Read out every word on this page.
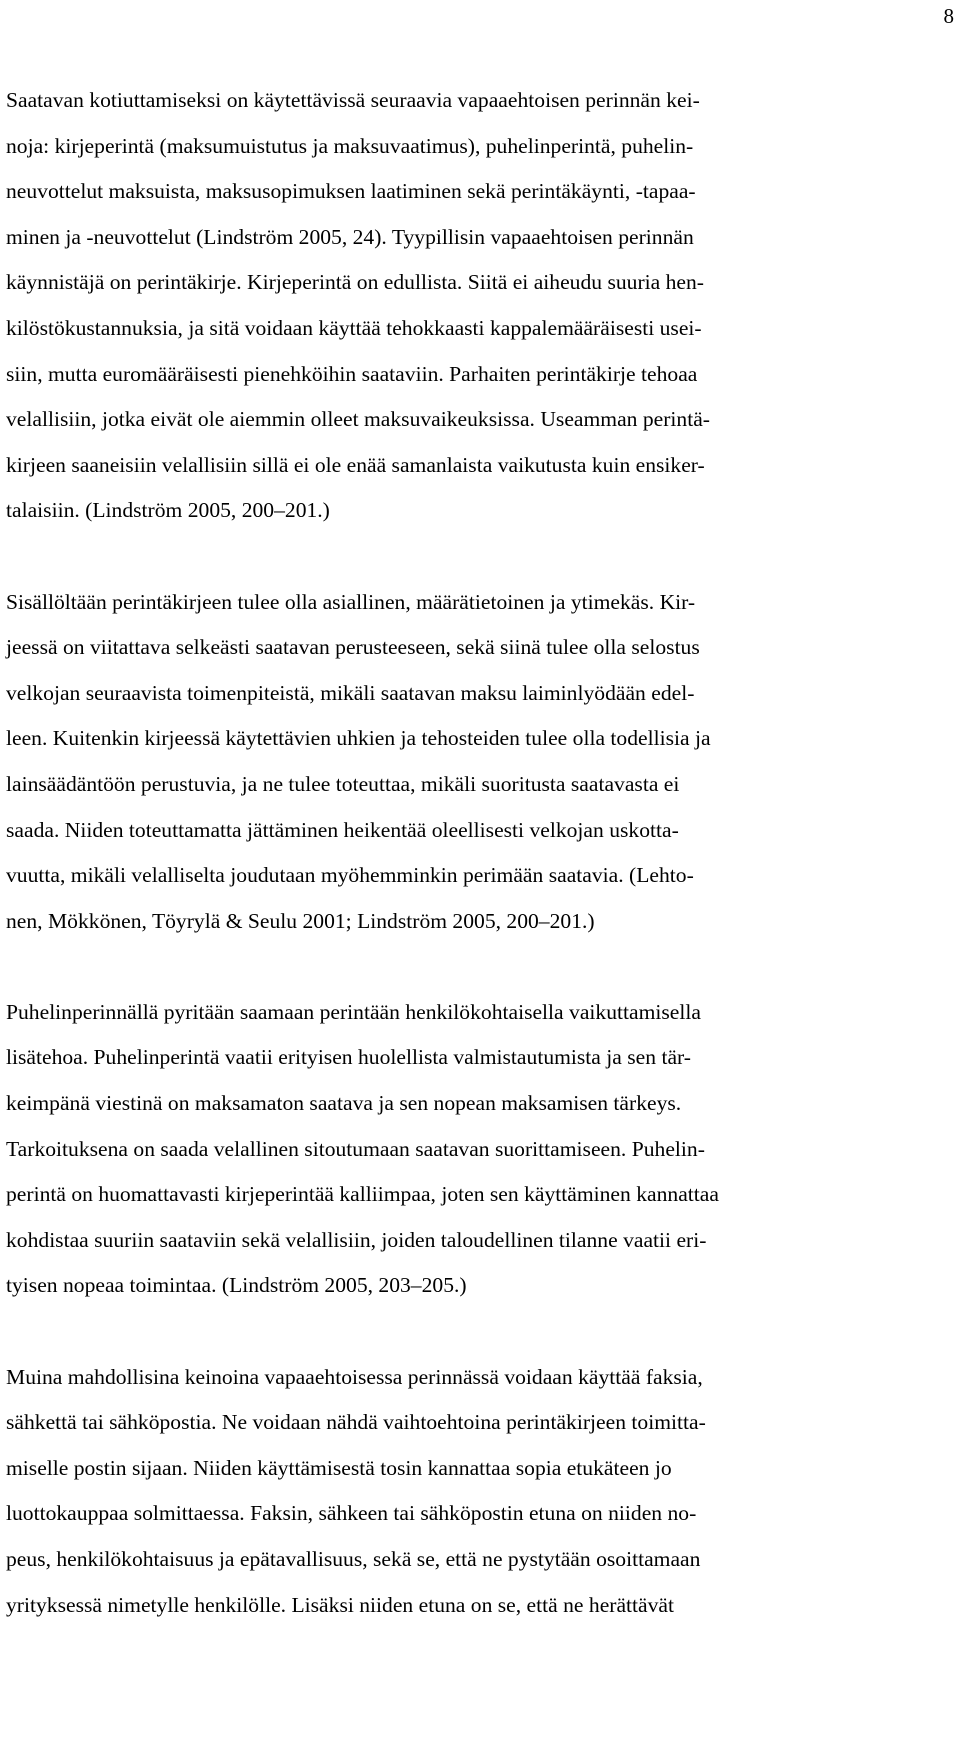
8

Saatavan kotiuttamiseksi on käytettävissä seuraavia vapaaehtoisen perinnän kei-
noja: kirjeperintä (maksumuistutus ja maksuvaatimus), puhelinperintä, puhelin-
neuvottelut maksuista, maksusopimuksen laatiminen sekä perintäkäynti, -tapaa-
minen ja -neuvottelut (Lindström 2005, 24). Tyypillisin vapaaehtoisen perinnän
käynnistäjä on perintäkirje. Kirjeperintä on edullista. Siitä ei aiheudu suuria hen-
kilöstökustannuksia, ja sitä voidaan käyttää tehokkaasti kappalemääräisesti usei-
siin, mutta euromääräisesti pienehköihin saataviin. Parhaiten perintäkirje tehoaa
velallisiin, jotka eivät ole aiemmin olleet maksuvaikeuksissa. Useamman perintä-
kirjeen saaneisiin velallisiin sillä ei ole enää samanlaista vaikutusta kuin ensiker-
talaisiin. (Lindström 2005, 200–201.)

Sisällöltään perintäkirjeen tulee olla asiallinen, määrätietoinen ja ytimekäs. Kir-
jeessä on viitattava selkeästi saatavan perusteeseen, sekä siinä tulee olla selostus
velkojan seuraavista toimenpiteistä, mikäli saatavan maksu laiminlyödään edel-
leen. Kuitenkin kirjeessä käytettävien uhkien ja tehosteiden tulee olla todellisia ja
lainsäädäntöön perustuvia, ja ne tulee toteuttaa, mikäli suoritusta saatavasta ei
saada. Niiden toteuttamatta jättäminen heikentää oleellisesti velkojan uskotta-
vuutta, mikäli velalliselta joudutaan myöhemminkin perimään saatavia. (Lehto-
nen, Mökkönen, Töyrylä & Seulu 2001; Lindström 2005, 200–201.)

Puhelinperinnällä pyritään saamaan perintään henkilökohtaisella vaikuttamisella
lisätehoa. Puhelinperintä vaatii erityisen huolellista valmistautumista ja sen tär-
keimpänä viestinä on maksamaton saatava ja sen nopean maksamisen tärkeys.
Tarkoituksena on saada velallinen sitoutumaan saatavan suorittamiseen. Puhelin-
perintä on huomattavasti kirjeperintää kalliimpaa, joten sen käyttäminen kannattaa
kohdistaa suuriin saataviin sekä velallisiin, joiden taloudellinen tilanne vaatii eri-
tyisen nopeaa toimintaa. (Lindström 2005, 203–205.)

Muina mahdollisina keinoina vapaaehtoisessa perinnässä voidaan käyttää faksia,
sähkettä tai sähköpostia. Ne voidaan nähdä vaihtoehtoina perintäkirjeen toimitta-
miselle postin sijaan. Niiden käyttämisestä tosin kannattaa sopia etukäteen jo
luottokauppaa solmittaessa. Faksin, sähkeen tai sähköpostin etuna on niiden no-
peus, henkilökohtaisuus ja epätavallisuus, sekä se, että ne pystytään osoittamaan
yrityksessä nimetylle henkilölle. Lisäksi niiden etuna on se, että ne herättävät
